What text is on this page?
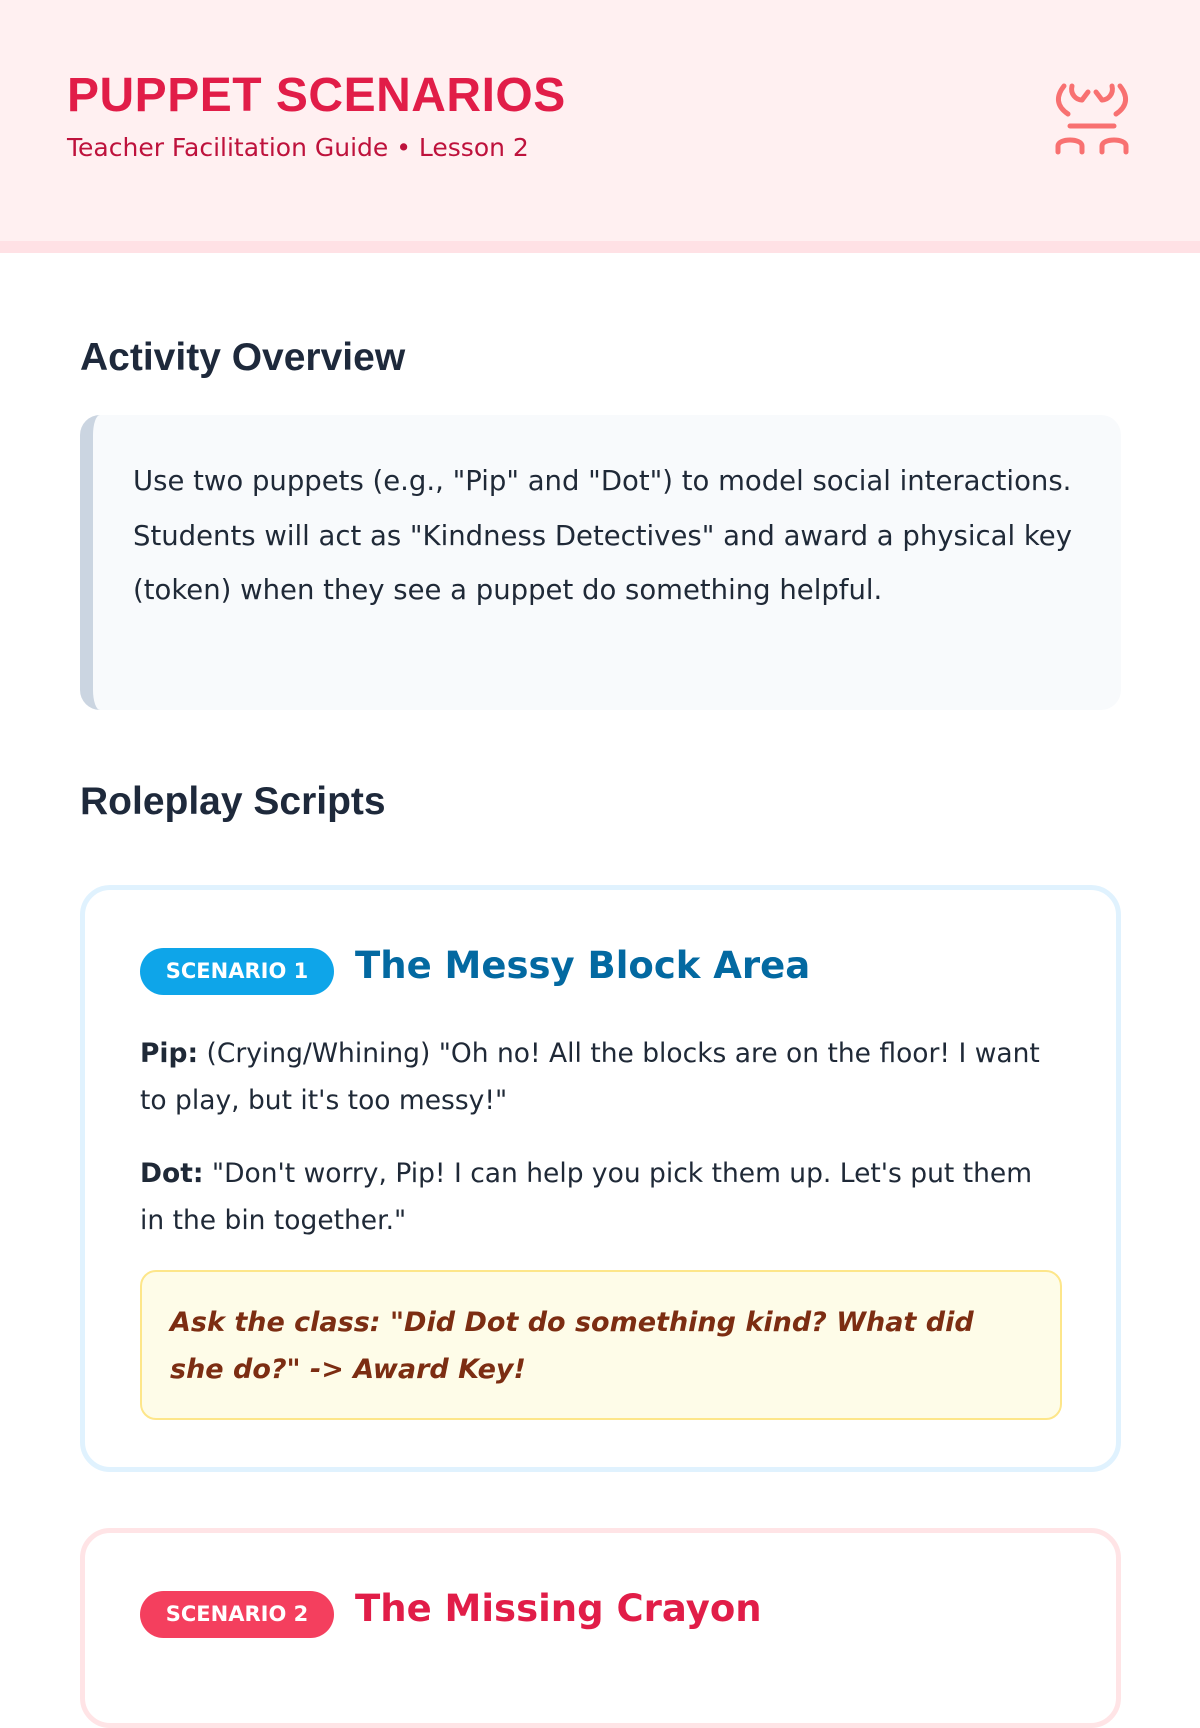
PUPPET SCENARIOS
Teacher Facilitation Guide • Lesson 2
Activity Overview

Use two puppets (e.g., "Pip" and "Dot") to model social interactions. Students will act as "Kindness Detectives" and award a physical key (token) when they see a puppet do something helpful.

Roleplay Scripts
SCENARIO 1	The Messy Block Area

Pip: (Crying/Whining) "Oh no! All the blocks are on the floor! I want to play, but it's too messy!"

Dot: "Don't worry, Pip! I can help you pick them up. Let's put them in the bin together."

Ask the class: "Did Dot do something kind? What did she do?" -> Award Key!

SCENARIO 2	The Missing Crayon
